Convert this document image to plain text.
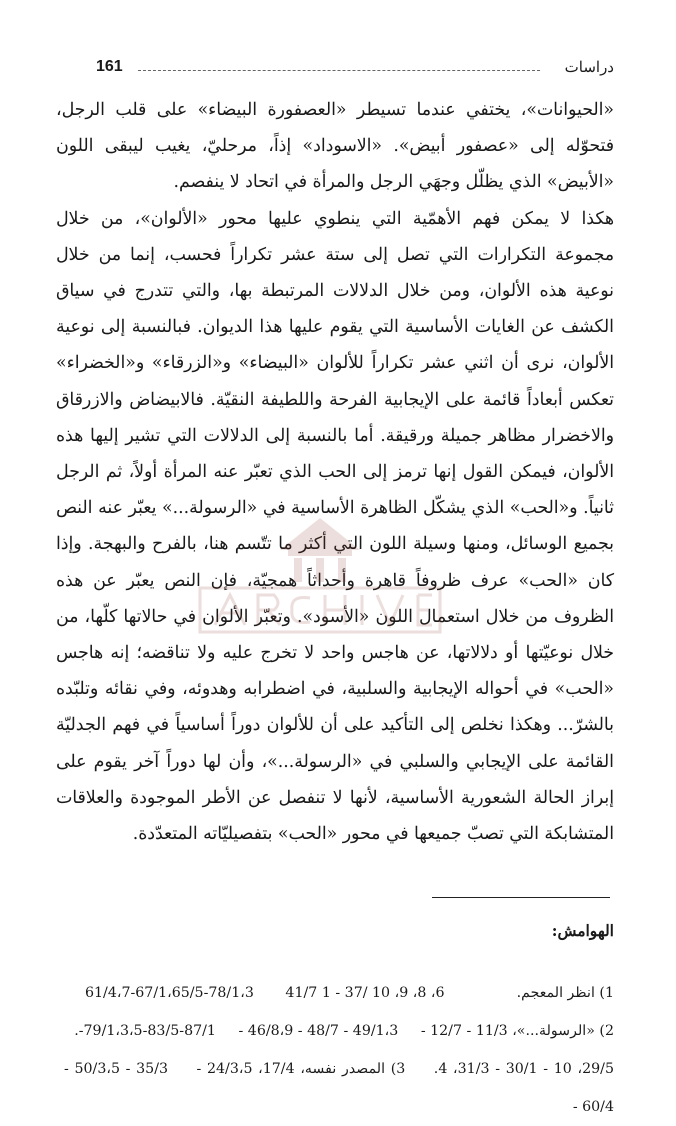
دراسات
161

«الحيوانات»، يختفي عندما تسيطر «العصفورة البيضاء» على قلب الرجل، فتحوّله إلى «عصفور أبيض». «الاسوداد» إذاً، مرحليّ، يغيب ليبقى اللون «الأبيض» الذي يظلّل وجهَي الرجل والمرأة في اتحاد لا ينفصم.

هكذا لا يمكن فهم الأهمّية التي ينطوي عليها محور «الألوان»، من خلال مجموعة التكرارات التي تصل إلى ستة عشر تكراراً فحسب، إنما من خلال نوعية هذه الألوان، ومن خلال الدلالات المرتبطة بها، والتي تتدرج في سياق الكشف عن الغايات الأساسية التي يقوم عليها هذا الديوان. فبالنسبة إلى نوعية الألوان، نرى أن اثني عشر تكراراً للألوان «البيضاء» و«الزرقاء» و«الخضراء» تعكس أبعاداً قائمة على الإيجابية الفرحة واللطيفة النقيّة. فالابيضاض والازرقاق والاخضرار مظاهر جميلة ورقيقة. أما بالنسبة إلى الدلالات التي تشير إليها هذه الألوان، فيمكن القول إنها ترمز إلى الحب الذي تعبّر عنه المرأة أولاً، ثم الرجل ثانياً. و«الحب» الذي يشكّل الظاهرة الأساسية في «الرسولة...» يعبّر عنه النص بجميع الوسائل، ومنها وسيلة اللون التي أكثر ما تتّسم هنا، بالفرح والبهجة. وإذا كان «الحب» عرف ظروفاً قاهرة وأحداثاً همجيّة، فإن النص يعبّر عن هذه الظروف من خلال استعمال اللون «الأسود». وتعبّر الألوان في حالاتها كلّها، من خلال نوعيّتها أو دلالاتها، عن هاجس واحد لا تخرج عليه ولا تناقضه؛ إنه هاجس «الحب» في أحواله الإيجابية والسلبية، في اضطرابه وهدوئه، وفي نقائه وتلبّده بالشرّ... وهكذا نخلص إلى التأكيد على أن للألوان دوراً أساسياً في فهم الجدليّة القائمة على الإيجابي والسلبي في «الرسولة...»، وأن لها دوراً آخر يقوم على إبراز الحالة الشعورية الأساسية، لأنها لا تنفصل عن الأطر الموجودة والعلاقات المتشابكة التي تصبّ جميعها في محور «الحب» بتفصيليّاته المتعدّدة.

الهوامش:

1) انظر المعجم.                6، 8، 9، 10 /37 - 1 41/7       78/1،3-67/1،65/5-61/4،7

2) «الرسولة...»، 11/3 - 12/7 -     49/1،3 - 48/7 - 46/8،9 -     87/1-83/5-79/1،3،5-.

29/5، 10 - 30/1 - 31/3، 4.     3) المصدر نفسه، 17/4، 24/3،5 -     35/3 - 50/3،5 - 60/4 -
